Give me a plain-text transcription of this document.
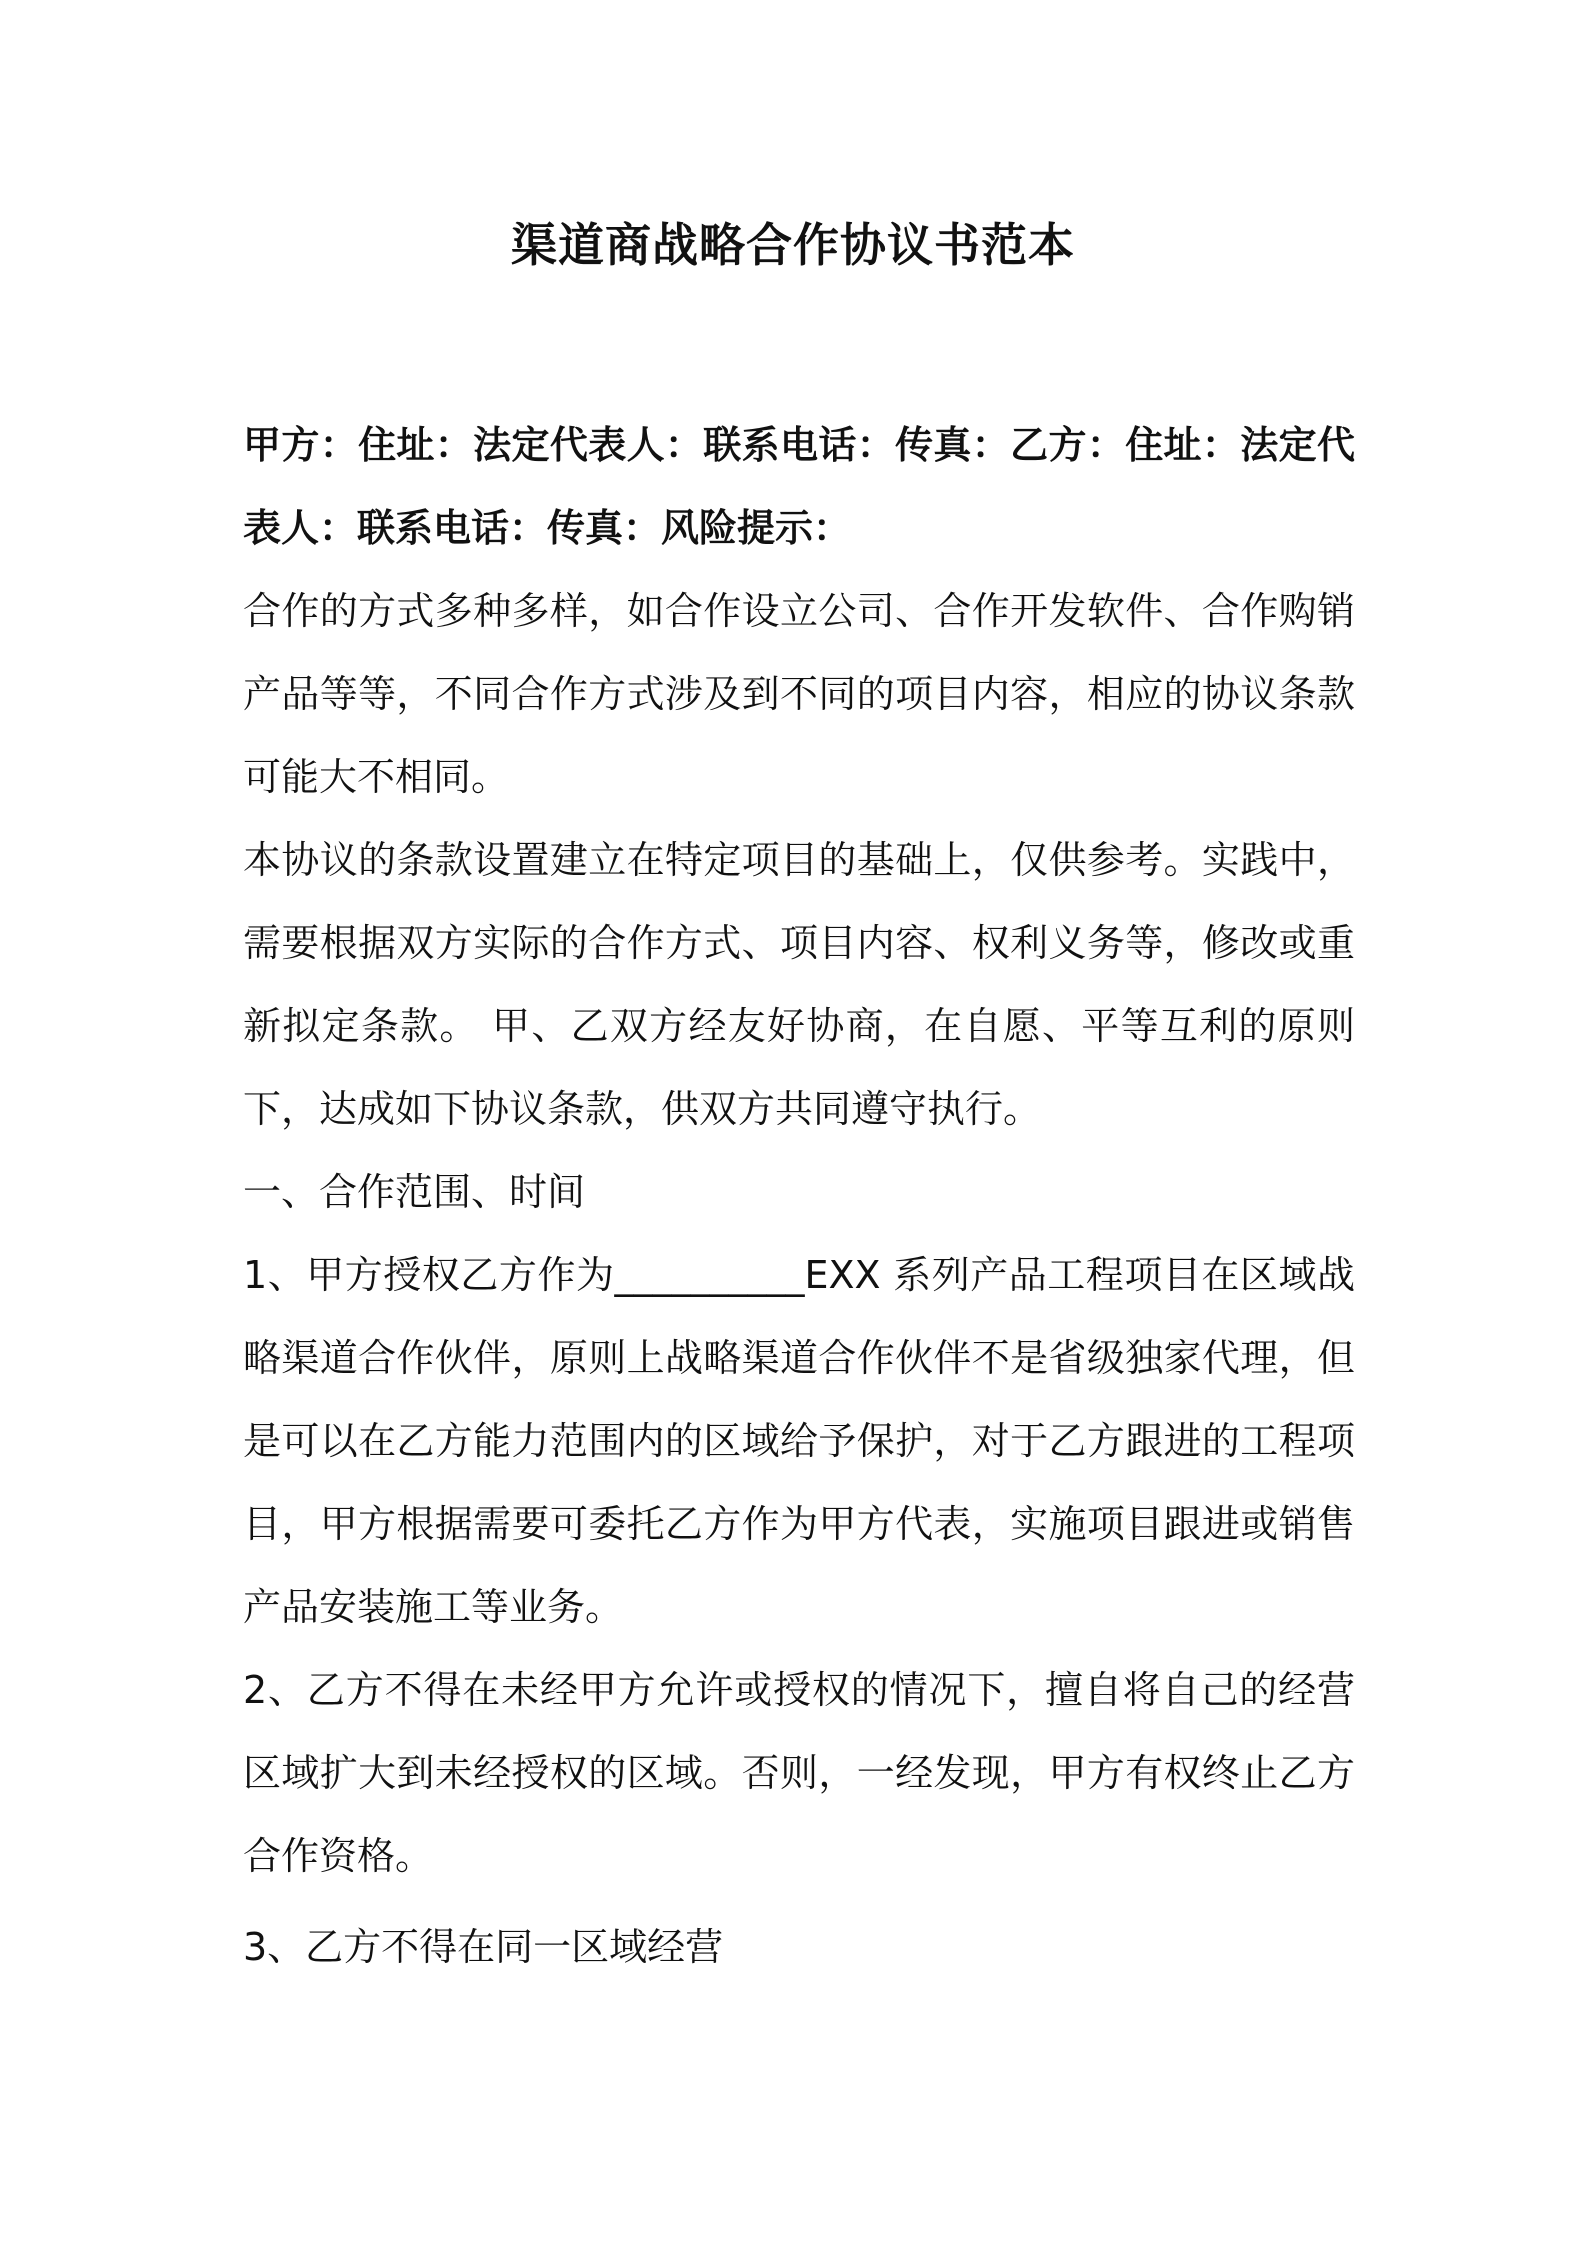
渠道商战略合作协议书范本

甲方：住址：法定代表人：联系电话：传真：乙方：住址：法定代表人：联系电话：传真：风险提示：

合作的方式多种多样，如合作设立公司、合作开发软件、合作购销产品等等，不同合作方式涉及到不同的项目内容，相应的协议条款可能大不相同。

本协议的条款设置建立在特定项目的基础上，仅供参考。实践中，需要根据双方实际的合作方式、项目内容、权利义务等，修改或重新拟定条款。 甲、乙双方经友好协商，在自愿、平等互利的原则下，达成如下协议条款，供双方共同遵守执行。

一、合作范围、时间

1、甲方授权乙方作为__________EXX 系列产品工程项目在区域战略渠道合作伙伴，原则上战略渠道合作伙伴不是省级独家代理，但是可以在乙方能力范围内的区域给予保护，对于乙方跟进的工程项目，甲方根据需要可委托乙方作为甲方代表，实施项目跟进或销售产品安装施工等业务。

2、乙方不得在未经甲方允许或授权的情况下，擅自将自己的经营区域扩大到未经授权的区域。否则，一经发现，甲方有权终止乙方合作资格。

3、乙方不得在同一区域经营
